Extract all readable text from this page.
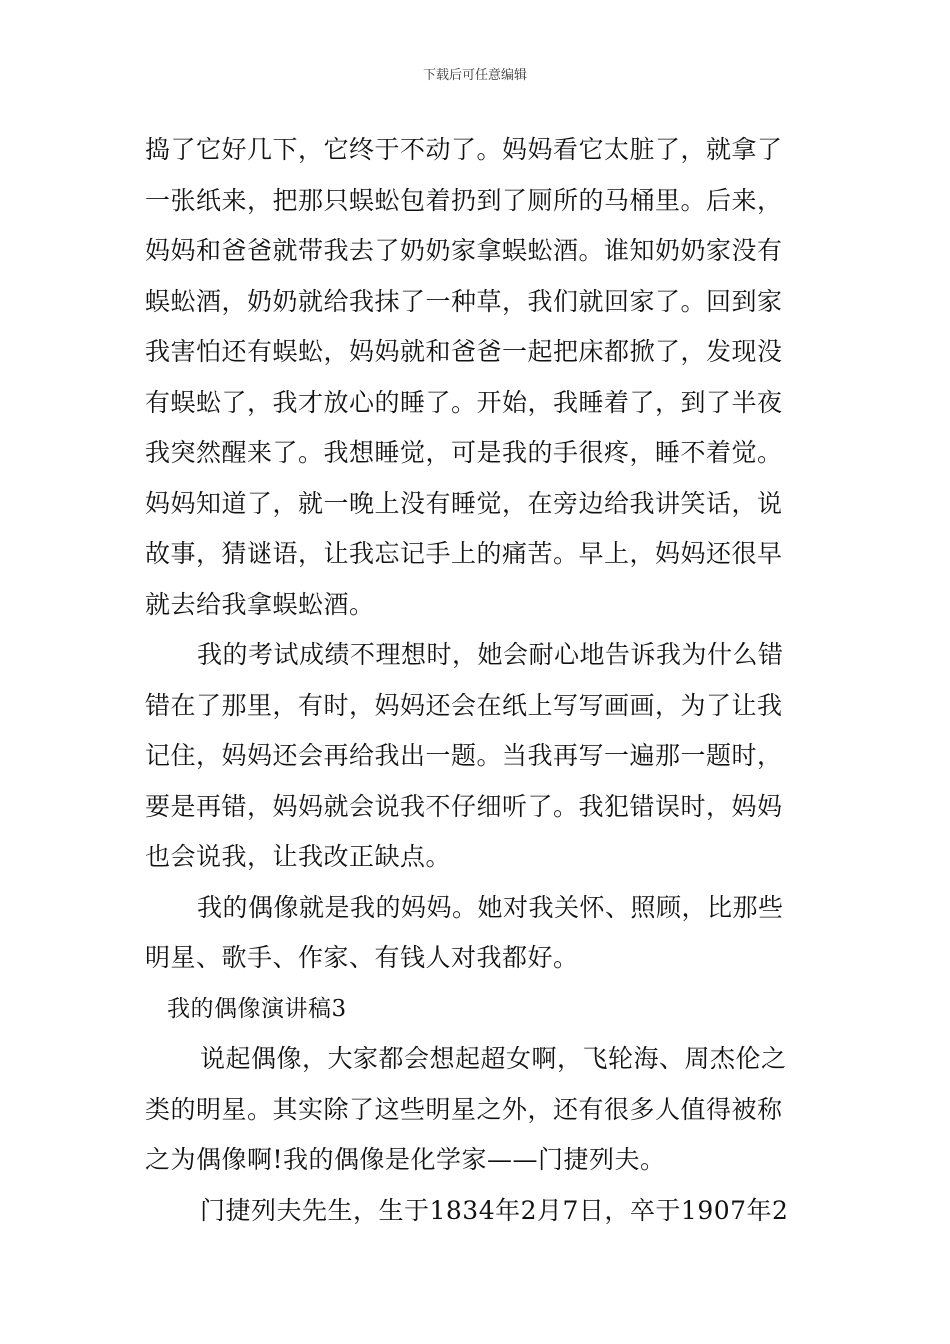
下载后可任意编辑
捣了它好几下，它终于不动了。妈妈看它太脏了，就拿了
一张纸来，把那只蜈蚣包着扔到了厕所的马桶里。后来，
妈妈和爸爸就带我去了奶奶家拿蜈蚣酒。谁知奶奶家没有
蜈蚣酒，奶奶就给我抹了一种草，我们就回家了。回到家
我害怕还有蜈蚣，妈妈就和爸爸一起把床都掀了，发现没
有蜈蚣了，我才放心的睡了。开始，我睡着了，到了半夜
我突然醒来了。我想睡觉，可是我的手很疼，睡不着觉。
妈妈知道了，就一晚上没有睡觉，在旁边给我讲笑话，说
故事，猜谜语，让我忘记手上的痛苦。早上，妈妈还很早
就去给我拿蜈蚣酒。
我的考试成绩不理想时，她会耐心地告诉我为什么错
错在了那里，有时，妈妈还会在纸上写写画画，为了让我
记住，妈妈还会再给我出一题。当我再写一遍那一题时，
要是再错，妈妈就会说我不仔细听了。我犯错误时，妈妈
也会说我，让我改正缺点。
我的偶像就是我的妈妈。她对我关怀、照顾，比那些
明星、歌手、作家、有钱人对我都好。
我的偶像演讲稿3
说起偶像，大家都会想起超女啊，飞轮海、周杰伦之
类的明星。其实除了这些明星之外，还有很多人值得被称
之为偶像啊!我的偶像是化学家——门捷列夫。
门捷列夫先生，生于1834年2月7日，卒于1907年2
